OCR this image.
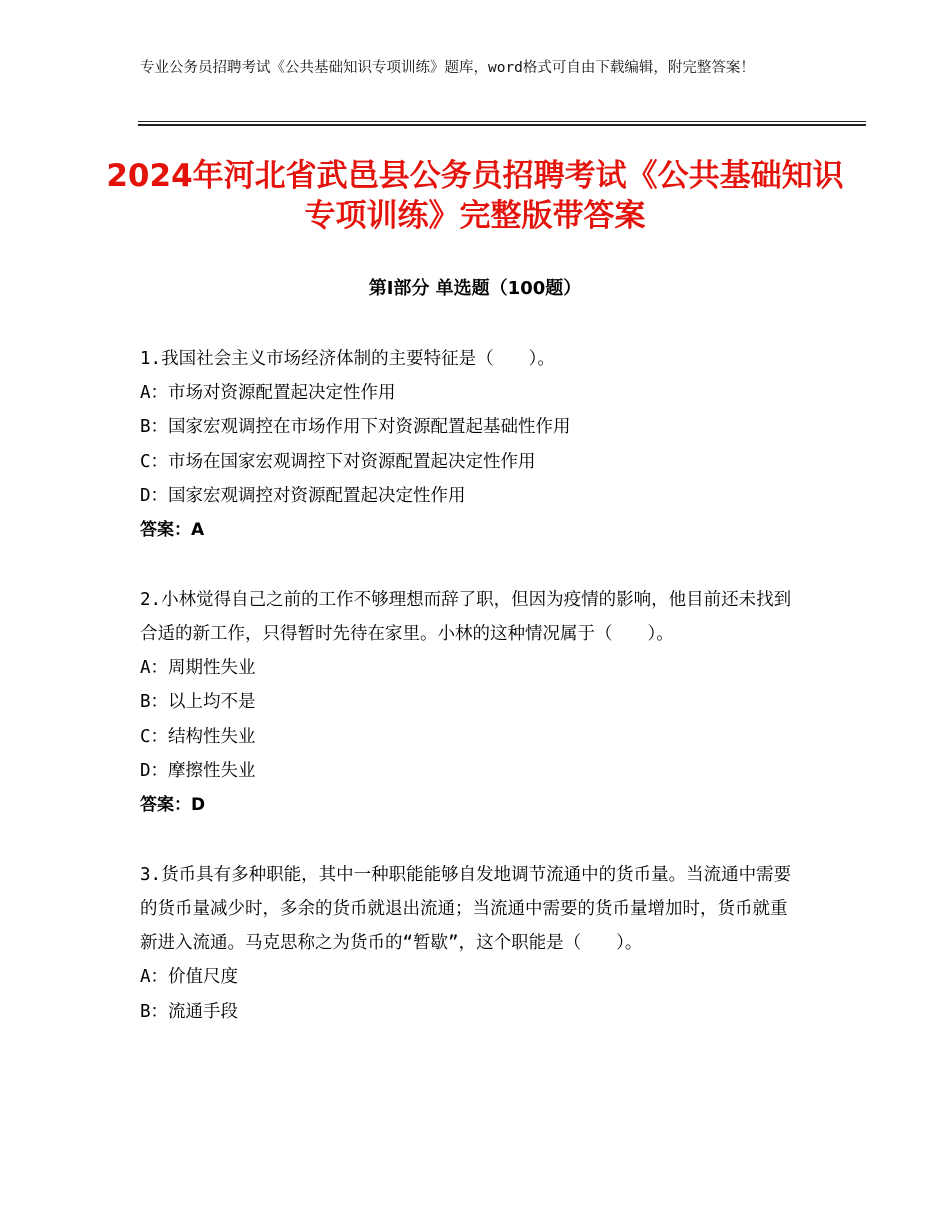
专业公务员招聘考试《公共基础知识专项训练》题库，word格式可自由下载编辑，附完整答案！
2024年河北省武邑县公务员招聘考试《公共基础知识专项训练》完整版带答案
第Ⅰ部分 单选题（100题）

1.我国社会主义市场经济体制的主要特征是（　　）。

A：市场对资源配置起决定性作用

B：国家宏观调控在市场作用下对资源配置起基础性作用

C：市场在国家宏观调控下对资源配置起决定性作用

D：国家宏观调控对资源配置起决定性作用

答案：A

2.小林觉得自己之前的工作不够理想而辞了职，但因为疫情的影响，他目前还未找到合适的新工作，只得暂时先待在家里。小林的这种情况属于（　　）。

A：周期性失业

B：以上均不是

C：结构性失业

D：摩擦性失业

答案：D

3.货币具有多种职能，其中一种职能能够自发地调节流通中的货币量。当流通中需要的货币量减少时，多余的货币就退出流通；当流通中需要的货币量增加时，货币就重新进入流通。马克思称之为货币的“暂歇”，这个职能是（　　）。

A：价值尺度

B：流通手段
